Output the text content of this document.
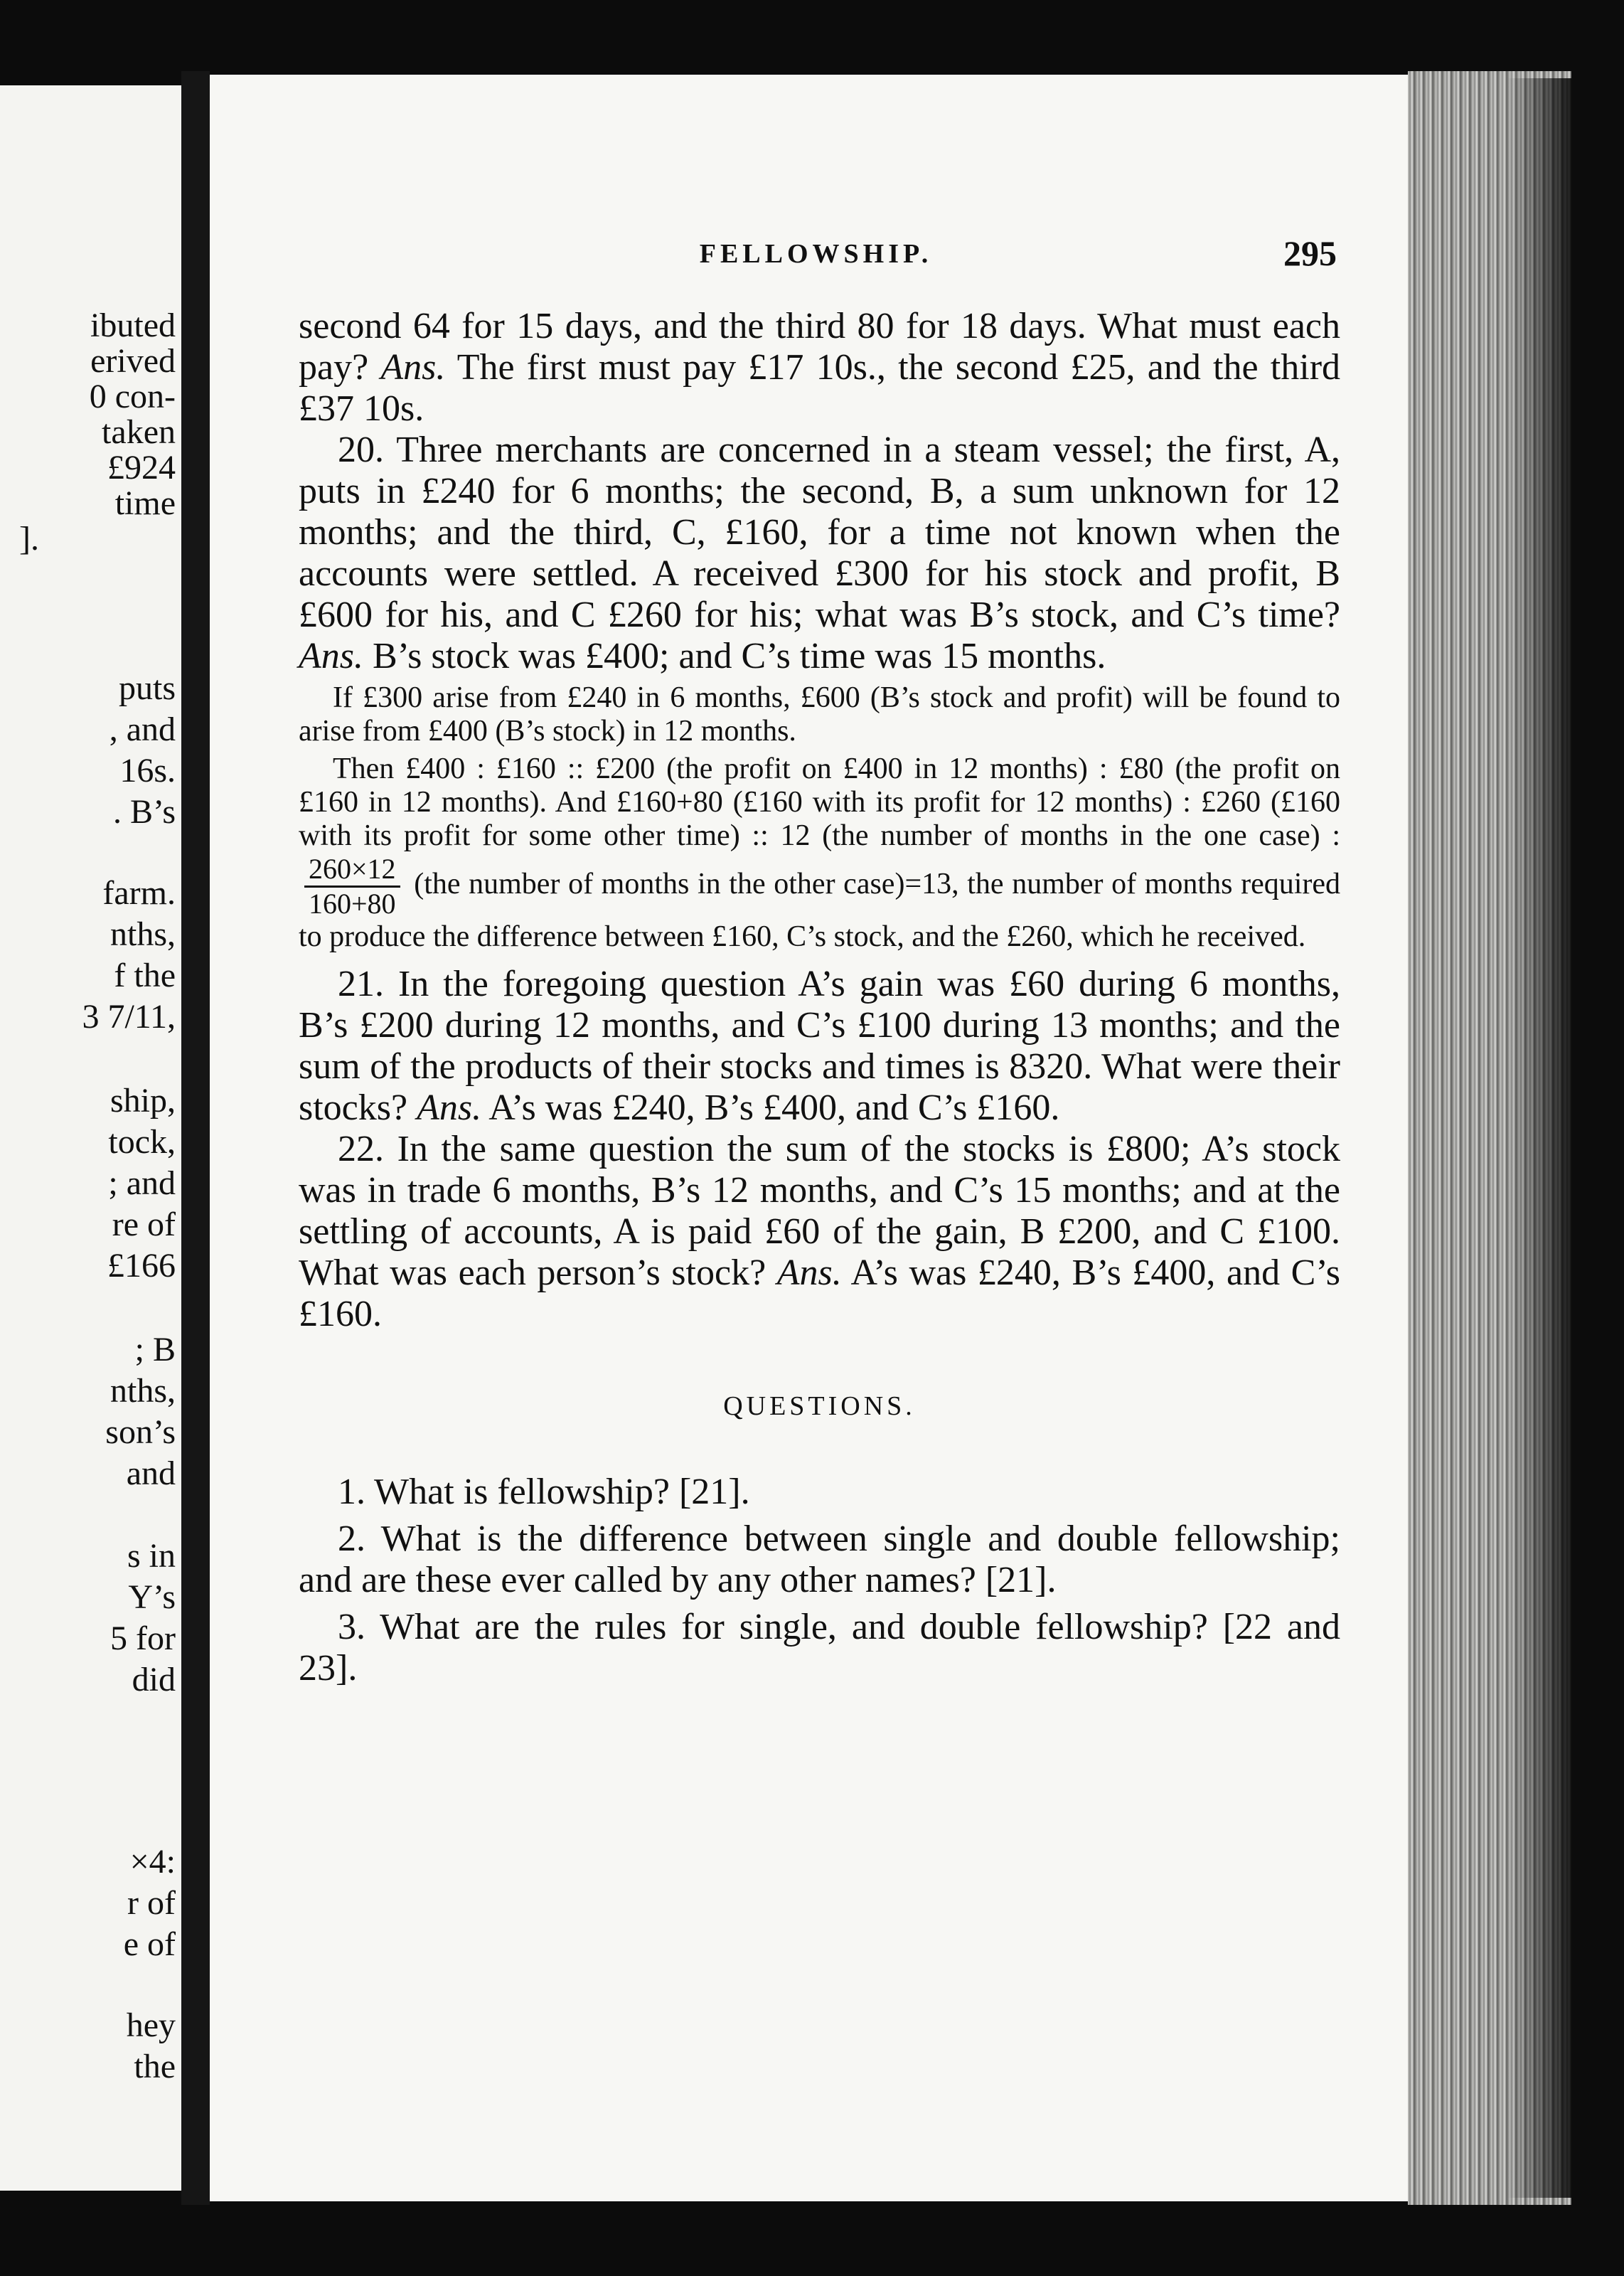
ibuted
erived
0 con-
taken
£924
time
].
puts
, and
16s.
. B’s
farm.
nths,
f the
3 7/11,
ship,
tock,
; and
re of
£166
; B
nths,
son’s
and
s in
Y’s
5 for
did
×4:
r of
e of
hey
the
FELLOWSHIP.	295

second 64 for 15 days, and the third 80 for 18 days. What must each pay? Ans. The first must pay £17 10s., the second £25, and the third £37 10s.

20. Three merchants are concerned in a steam vessel; the first, A, puts in £240 for 6 months; the second, B, a sum unknown for 12 months; and the third, C, £160, for a time not known when the accounts were settled. A received £300 for his stock and profit, B £600 for his, and C £260 for his; what was B’s stock, and C’s time? Ans. B’s stock was £400; and C’s time was 15 months.

If £300 arise from £240 in 6 months, £600 (B’s stock and profit) will be found to arise from £400 (B’s stock) in 12 months.

Then £400 : £160 :: £200 (the profit on £400 in 12 months) : £80 (the profit on £160 in 12 months). And £160+80 (£160 with its profit for 12 months) : £260 (£160 with its profit for some other time) :: 12 (the number of months in the one case) :
$\frac{260\times 12}{160+80} (the$ number of months in the other case)=13, the number of months required to produce the difference between £160, C’s stock, and the £260, which he received.

21. In the foregoing question A’s gain was £60 during 6 months, B’s £200 during 12 months, and C’s £100 during 13 months; and the sum of the products of their stocks and times is 8320. What were their stocks? Ans. A’s was £240, B’s £400, and C’s £160.

22. In the same question the sum of the stocks is £800; A’s stock was in trade 6 months, B’s 12 months, and C’s 15 months; and at the settling of accounts, A is paid £60 of the gain, B £200, and C £100. What was each person’s stock? Ans. A’s was £240, B’s £400, and C’s £160.

QUESTIONS.

1. What is fellowship? [21].

2. What is the difference between single and double fellowship; and are these ever called by any other names? [21].

3. What are the rules for single, and double fellowship? [22 and 23].
